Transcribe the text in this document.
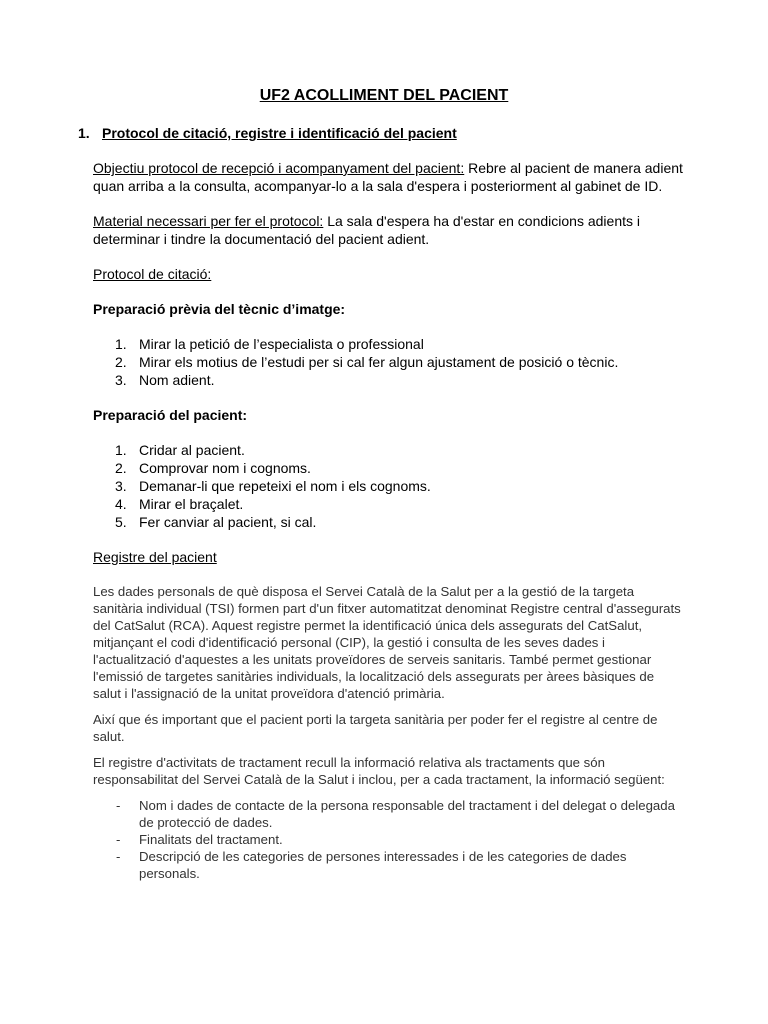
UF2 ACOLLIMENT DEL PACIENT
1. Protocol de citació, registre i identificació del pacient

Objectiu protocol de recepció i acompanyament del pacient: Rebre al pacient de manera adient quan arriba a la consulta, acompanyar-lo a la sala d'espera i posteriorment al gabinet de ID.

Material necessari per fer el protocol: La sala d'espera ha d'estar en condicions adients i determinar i tindre la documentació del pacient adient.

Protocol de citació:

Preparació prèvia del tècnic d’imatge:

1. Mirar la petició de l’especialista o professional
2. Mirar els motius de l’estudi per si cal fer algun ajustament de posició o tècnic.
3. Nom adient.

Preparació del pacient:

1. Cridar al pacient.
2. Comprovar nom i cognoms.
3. Demanar-li que repeteixi el nom i els cognoms.
4. Mirar el braçalet.
5. Fer canviar al pacient, si cal.

Registre del pacient

Les dades personals de què disposa el Servei Català de la Salut per a la gestió de la targeta sanitària individual (TSI) formen part d'un fitxer automatitzat denominat Registre central d'assegurats del CatSalut (RCA). Aquest registre permet la identificació única dels assegurats del CatSalut, mitjançant el codi d'identificació personal (CIP), la gestió i consulta de les seves dades i l'actualització d'aquestes a les unitats proveïdores de serveis sanitaris. També permet gestionar l'emissió de targetes sanitàries individuals, la localització dels assegurats per àrees bàsiques de salut i l'assignació de la unitat proveïdora d'atenció primària.

Així que és important que el pacient porti la targeta sanitària per poder fer el registre al centre de salut.

El registre d'activitats de tractament recull la informació relativa als tractaments que són responsabilitat del Servei Català de la Salut i inclou, per a cada tractament, la informació següent:

- Nom i dades de contacte de la persona responsable del tractament i del delegat o delegada de protecció de dades.
- Finalitats del tractament.
- Descripció de les categories de persones interessades i de les categories de dades personals.
